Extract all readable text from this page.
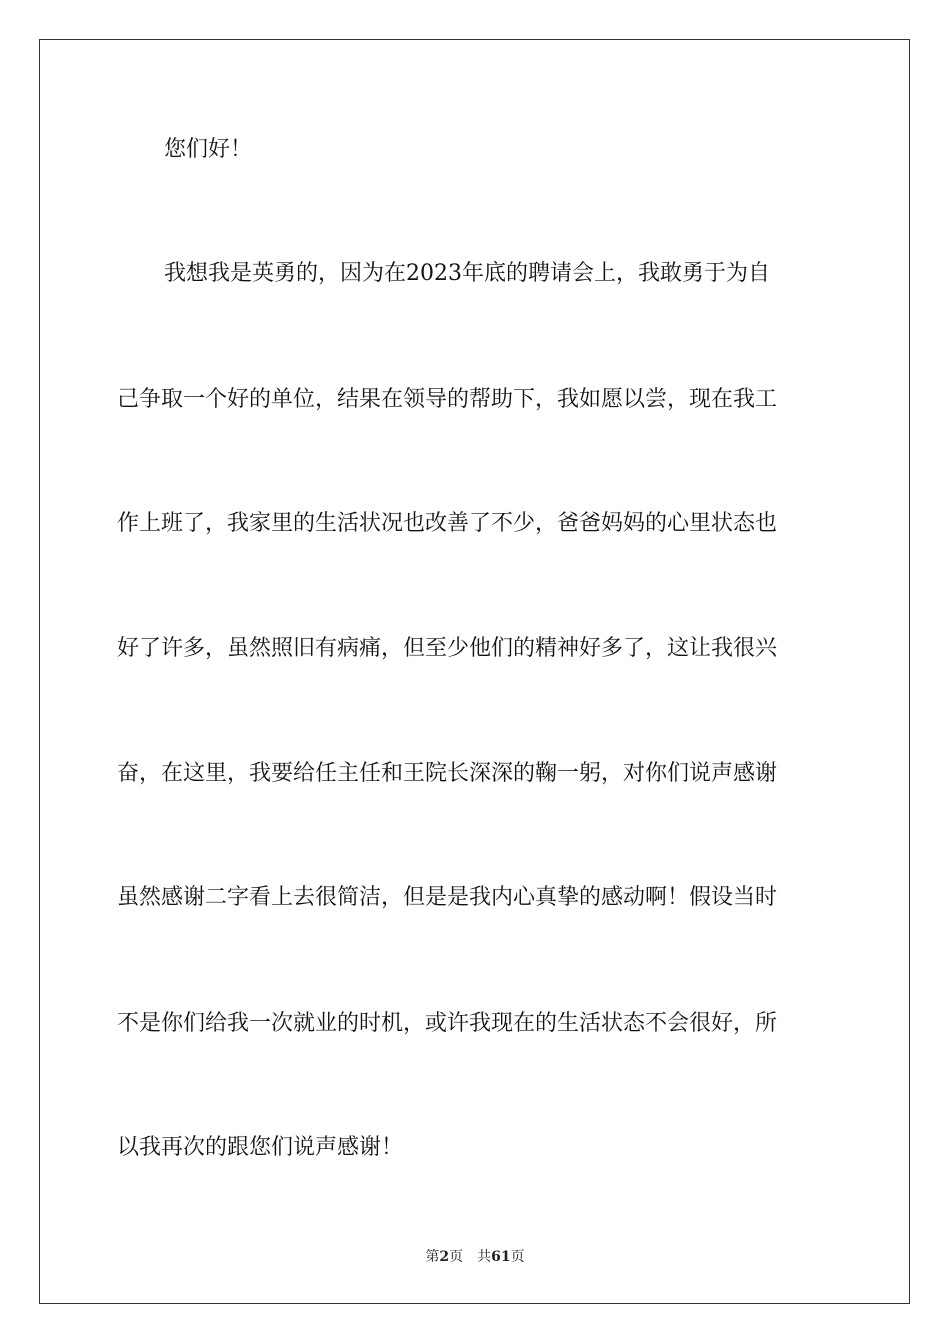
您们好！
我想我是英勇的，因为在2023年底的聘请会上，我敢勇于为自
己争取一个好的单位，结果在领导的帮助下，我如愿以尝，现在我工
作上班了，我家里的生活状况也改善了不少，爸爸妈妈的心里状态也
好了许多，虽然照旧有病痛，但至少他们的精神好多了，这让我很兴
奋，在这里，我要给任主任和王院长深深的鞠一躬，对你们说声感谢
虽然感谢二字看上去很简洁，但是是我内心真挚的感动啊！假设当时
不是你们给我一次就业的时机，或许我现在的生活状态不会很好，所
以我再次的跟您们说声感谢！
第2页 共61页
